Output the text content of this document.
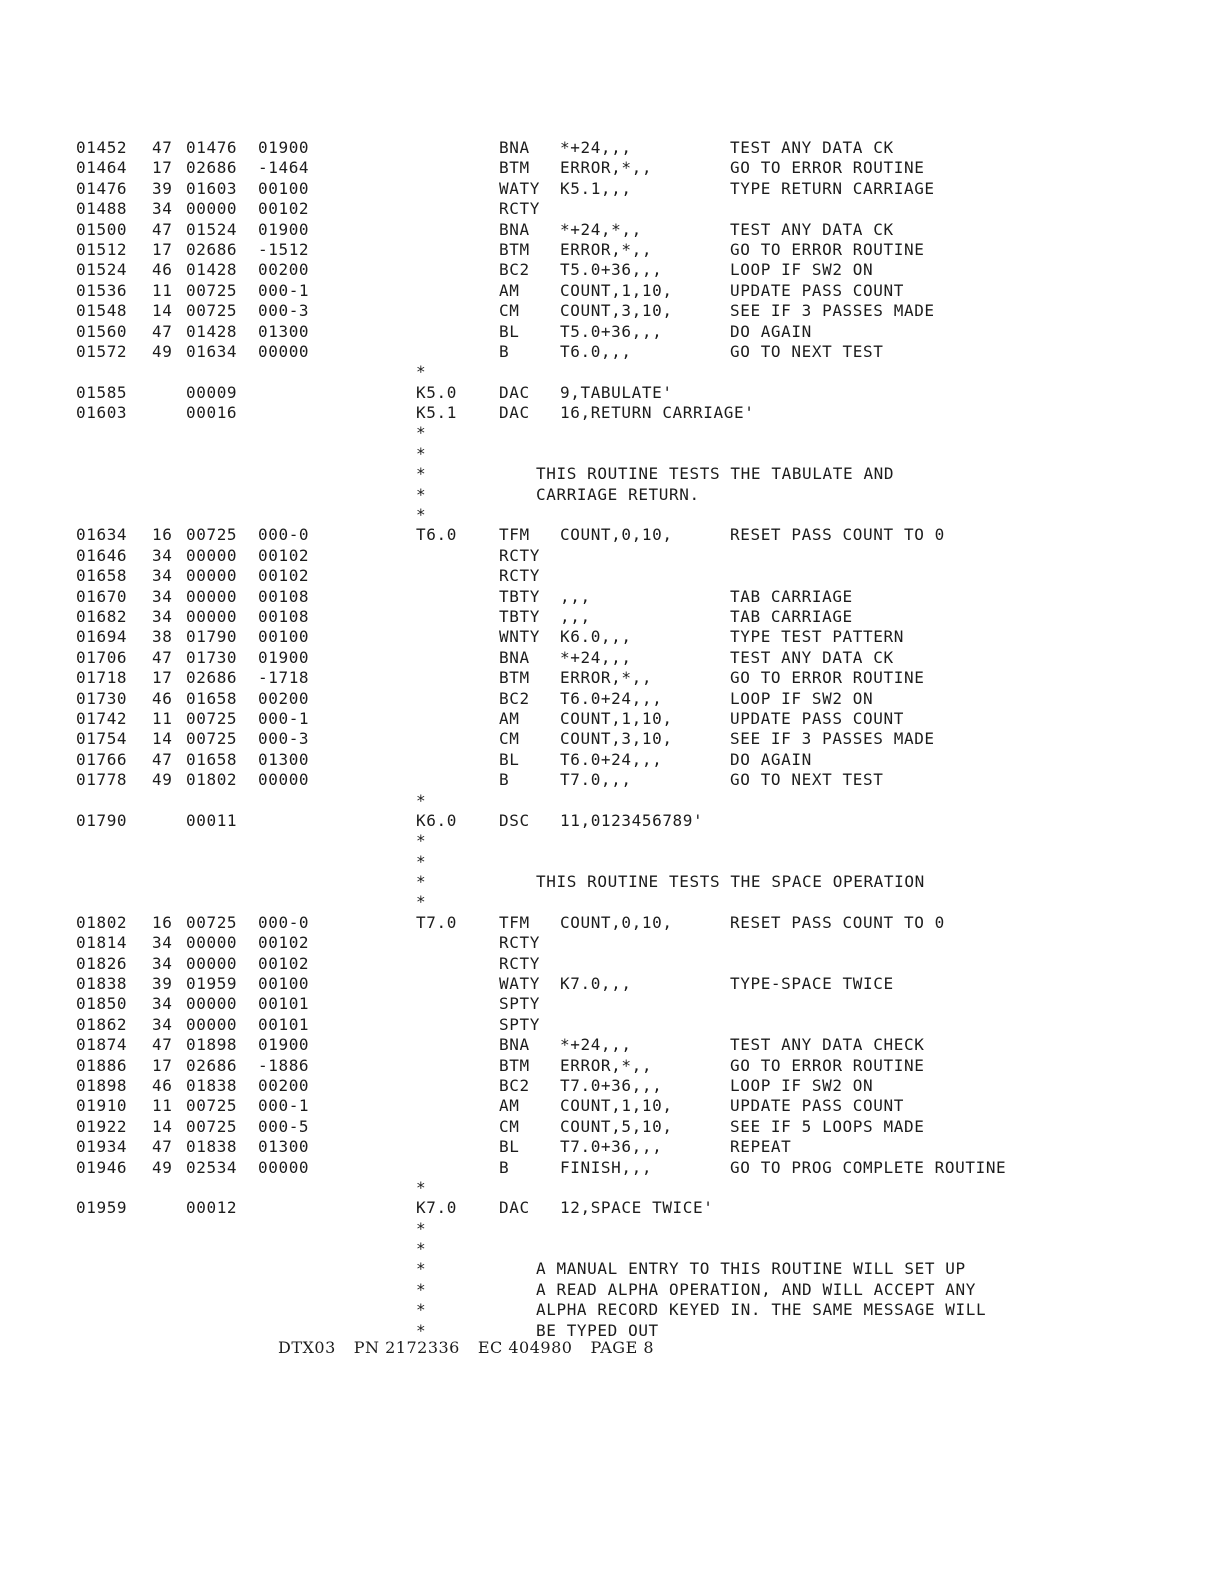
01452 47 01476 01900	BNA *+24,,,	TEST ANY DATA CK
01464 17 02686 -1464	BTM ERROR,*,,	GO TO ERROR ROUTINE
01476 39 01603 00100	WATY K5.1,,,	TYPE RETURN CARRIAGE
01488 34 00000 00102	RCTY
01500 47 01524 01900	BNA *+24,*,,	TEST ANY DATA CK
01512 17 02686 -1512	BTM ERROR,*,,	GO TO ERROR ROUTINE
01524 46 01428 00200	BC2 T5.0+36,,,	LOOP IF SW2 ON
01536 11 00725 000-1	AM	COUNT,1,10,	UPDATE PASS COUNT
01548 14 00725 000-3	CM	COUNT,3,10,	SEE IF 3 PASSES MADE
01560 47 01428 01300	BL	T5.0+36,,,	DO AGAIN
01572 49 01634 00000	B	T6.0,,,	GO TO NEXT TEST
*
01585	00009	K5.0	DAC 9,TABULATE'
01603	00016	K5.1	DAC 16,RETURN CARRIAGE'
*
*
*	THIS ROUTINE TESTS THE TABULATE AND
*	CARRIAGE RETURN.
*
01634 16 00725 000-0	T6.0	TFM COUNT,0,10,	RESET PASS COUNT TO 0
01646 34 00000 00102	RCTY
01658 34 00000 00102	RCTY
01670 34 00000 00108	TBTY ,,,	TAB CARRIAGE
01682 34 00000 00108	TBTY ,,,	TAB CARRIAGE
01694 38 01790 00100	WNTY K6.0,,,	TYPE TEST PATTERN
01706 47 01730 01900	BNA *+24,,,	TEST ANY DATA CK
01718 17 02686 -1718	BTM ERROR,*,,	GO TO ERROR ROUTINE
01730 46 01658 00200	BC2 T6.0+24,,,	LOOP IF SW2 ON
01742 11 00725 000-1	AM	COUNT,1,10,	UPDATE PASS COUNT
01754 14 00725 000-3	CM	COUNT,3,10,	SEE IF 3 PASSES MADE
01766 47 01658 01300	BL	T6.0+24,,,	DO AGAIN
01778 49 01802 00000	B	T7.0,,,	GO TO NEXT TEST
*
01790	00011	K6.0	DSC 11,0123456789'
*
*
*	THIS ROUTINE TESTS THE SPACE OPERATION
*
01802 16 00725 000-0	T7.0	TFM COUNT,0,10,	RESET PASS COUNT TO 0
01814 34 00000 00102	RCTY
01826 34 00000 00102	RCTY
01838 39 01959 00100	WATY K7.0,,,	TYPE-SPACE TWICE
01850 34 00000 00101	SPTY
01862 34 00000 00101	SPTY
01874 47 01898 01900	BNA *+24,,,	TEST ANY DATA CHECK
01886 17 02686 -1886	BTM ERROR,*,,	GO TO ERROR ROUTINE
01898 46 01838 00200	BC2 T7.0+36,,,	LOOP IF SW2 ON
01910 11 00725 000-1	AM	COUNT,1,10,	UPDATE PASS COUNT
01922 14 00725 000-5	CM	COUNT,5,10,	SEE IF 5 LOOPS MADE
01934 47 01838 01300	BL	T7.0+36,,,	REPEAT
01946 49 02534 00000	B	FINISH,,,	GO TO PROG COMPLETE ROUTINE
*
01959	00012	K7.0	DAC 12,SPACE TWICE'
*
*
*	A MANUAL ENTRY TO THIS ROUTINE WILL SET UP
*	A READ ALPHA OPERATION, AND WILL ACCEPT ANY
*	ALPHA RECORD KEYED IN. THE SAME MESSAGE WILL
*	BE TYPED OUT
DTX03 PN 2172336 EC 404980 PAGE 8
